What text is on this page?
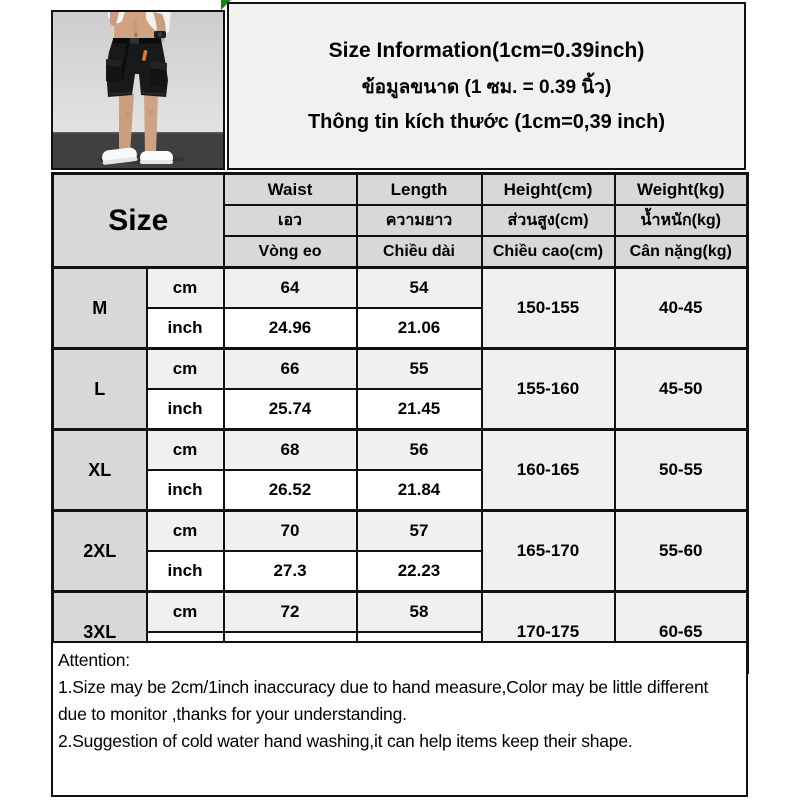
Size Information(1cm=0.39inch)
ข้อมูลขนาด (1 ซม. = 0.39 นิ้ว)
Thông tin kích thước (1cm=0,39 inch)
Size		Waist	Length	Height(cm)	Weight(kg)
		เอว	ความยาว	ส่วนสูง(cm)	น้ำหนัก(kg)
		Vòng eo	Chiều dài	Chiều cao(cm)	Cân nặng(kg)
M	cm	64	54	150-155	40-45
	inch	24.96	21.06		
L	cm	66	55	155-160	45-50
	inch	25.74	21.45		
XL	cm	68	56	160-165	50-55
	inch	26.52	21.84		
2XL	cm	70	57	165-170	55-60
	inch	27.3	22.23		
3XL	cm	72	58	170-175	60-65

Attention:
1.Size may be 2cm/1inch inaccuracy due to hand measure,Color may be little different
due to monitor ,thanks for your understanding.
2.Suggestion of cold water hand washing,it can help items keep their shape.
